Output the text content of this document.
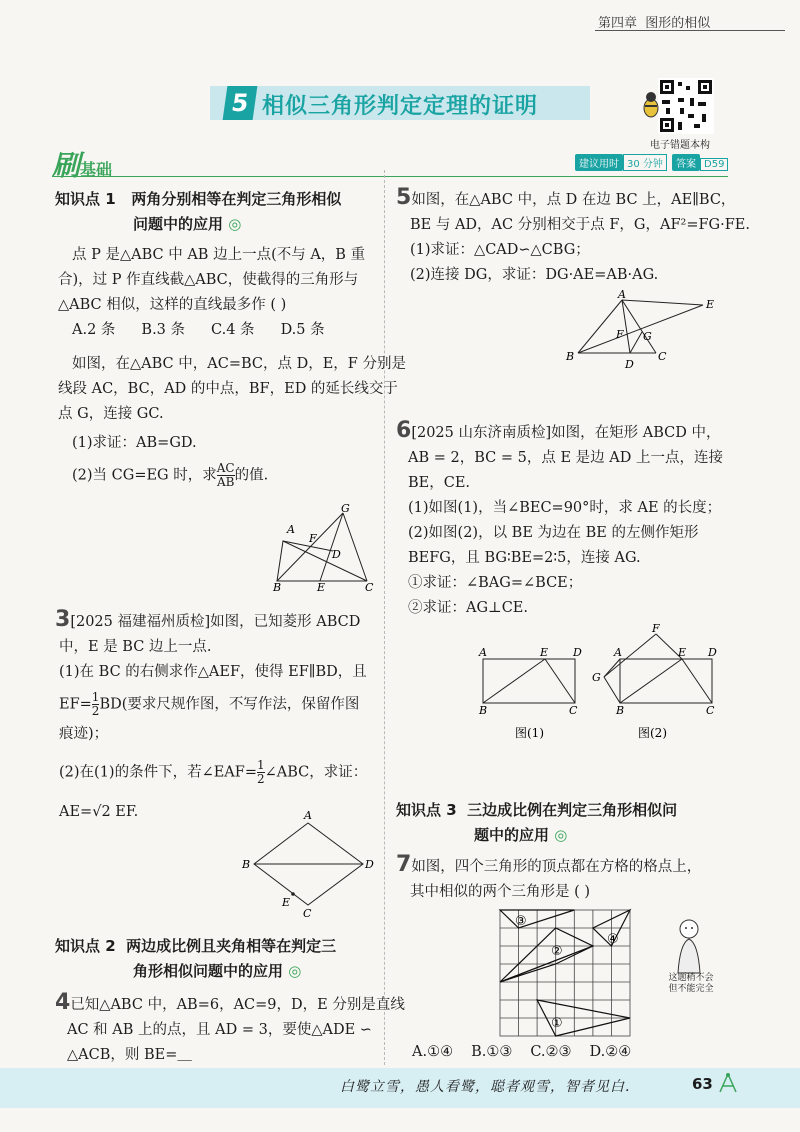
第四章 图形的相似
5 相似三角形判定定理的证明
电子错题本构
刷基础	建议用时 30 分钟 答案 D59
知识点 1 两角分别相等在判定三角形相似
问题中的应用 ◎
点 P 是△ABC 中 AB 边上一点(不与 A，B 重
合)，过 P 作直线截△ABC，使截得的三角形与
△ABC 相似，这样的直线最多作 ( )
A.2 条 B.3 条 C.4 条 D.5 条
如图，在△ABC 中，AC=BC，点 D，E，F 分别是
线段 AC，BC，AD 的中点，BF，ED 的延长线交于
点 G，连接 GC.
(1)求证：AB=GD.
(2)当 CG=EG 时，求 $\frac{AC}{AB}$ 的值.
G
A
F
D
B	E	C
3[2025 福建福州质检]如图，已知菱形 ABCD
中，E 是 BC 边上一点.
(1)在 BC 的右侧求作△AEF，使得 EF∥BD，且
$EF= \frac{1}{2} BD$(要求尺规作图，不写作法，保留作图
痕迹)；
(2)在(1)的条件下，若∠EAF= $\frac{1}{2}$ ∠ABC，求证：
AE=√2 EF.	A
B	D
E
C
知识点 2 两边成比例且夹角相等在判定三
角形相似问题中的应用 ◎
4已知△ABC 中，AB=6，AC=9，D，E 分别是直线
AC 和 AB 上的点，且 AD = 3，要使△ADE ∽
△ACB，则 BE=＿
5如图，在△ABC 中，点 D 在边 BC 上，AE∥BC，
BE 与 AD，AC 分别相交于点 F，G，AF²=FG·FE.
(1)求证：△CAD∽△CBG；
(2)连接 DG，求证：DG·AE=AB·AG.
A
E
F G
B
D
C
6[2025 山东济南质检]如图，在矩形 ABCD 中，
AB = 2，BC = 5，点 E 是边 AD 上一点，连接
BE，CE.
(1)如图(1)，当∠BEC=90°时，求 AE 的长度；
(2)如图(2)，以 BE 为边在 BE 的左侧作矩形
BEFG，且 BG∶BE=2∶5，连接 AG.
①求证：∠BAG=∠BCE；
②求证：AG⊥CE.
A	E D
B	C
图(1)
F
A	E D
G
B	C
图(2)
知识点 3 三边成比例在判定三角形相似问
题中的应用 ◎
7如图，四个三角形的顶点都在方格的格点上，
其中相似的两个三角形是 ( )
③
②
④
①
这题稍不会
但不能完全
A.①④ B.①③ C.②③ D.②④
白鹭立雪，愚人看鹭，聪者观雪，智者见白.	63
